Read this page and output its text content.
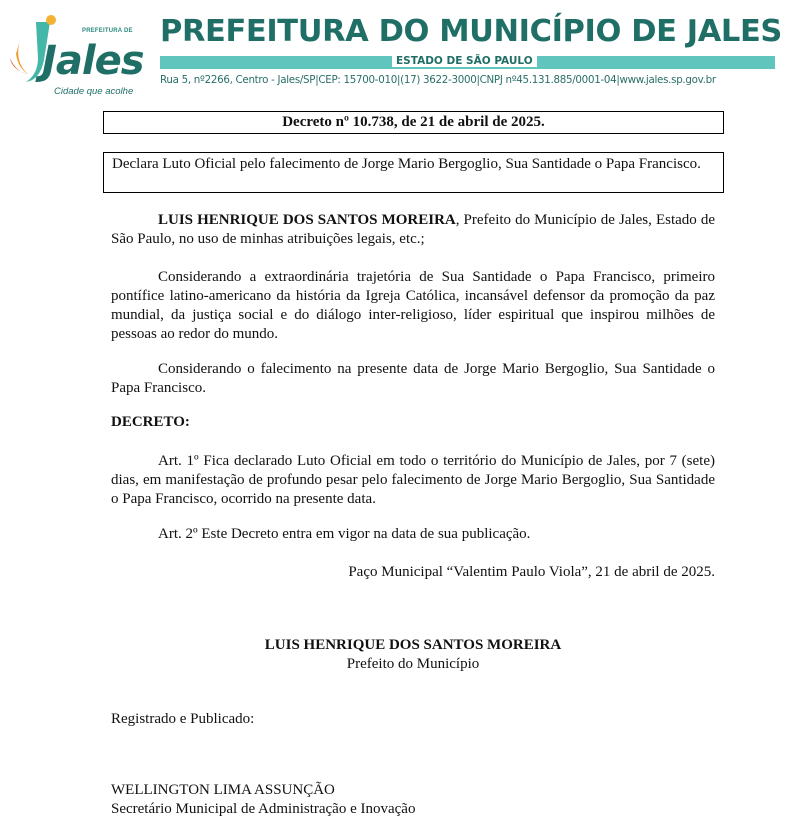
PREFEITURA DE
Jales
Cidade que acolhe
PREFEITURA DO MUNICÍPIO DE JALES
ESTADO DE SÃO PAULO
Rua 5, nº2266, Centro - Jales/SP|CEP: 15700-010|(17) 3622-3000|CNPJ nº45.131.885/0001-04|www.jales.sp.gov.br
Decreto nº 10.738, de 21 de abril de 2025.
Declara Luto Oficial pelo falecimento de Jorge Mario Bergoglio, Sua Santidade o Papa Francisco.
LUIS HENRIQUE DOS SANTOS MOREIRA, Prefeito do Município de Jales, Estado de São Paulo, no uso de minhas atribuições legais, etc.;
Considerando a extraordinária trajetória de Sua Santidade o Papa Francisco, primeiro pontífice latino-americano da história da Igreja Católica, incansável defensor da promoção da paz mundial, da justiça social e do diálogo inter-religioso, líder espiritual que inspirou milhões de pessoas ao redor do mundo.
Considerando o falecimento na presente data de Jorge Mario Bergoglio, Sua Santidade o Papa Francisco.
DECRETO:
Art. 1º Fica declarado Luto Oficial em todo o território do Município de Jales, por 7 (sete) dias, em manifestação de profundo pesar pelo falecimento de Jorge Mario Bergoglio, Sua Santidade o Papa Francisco, ocorrido na presente data.
Art. 2º Este Decreto entra em vigor na data de sua publicação.
Paço Municipal “Valentim Paulo Viola”, 21 de abril de 2025.
LUIS HENRIQUE DOS SANTOS MOREIRA
Prefeito do Município
Registrado e Publicado:
WELLINGTON LIMA ASSUNÇÃO
Secretário Municipal de Administração e Inovação
